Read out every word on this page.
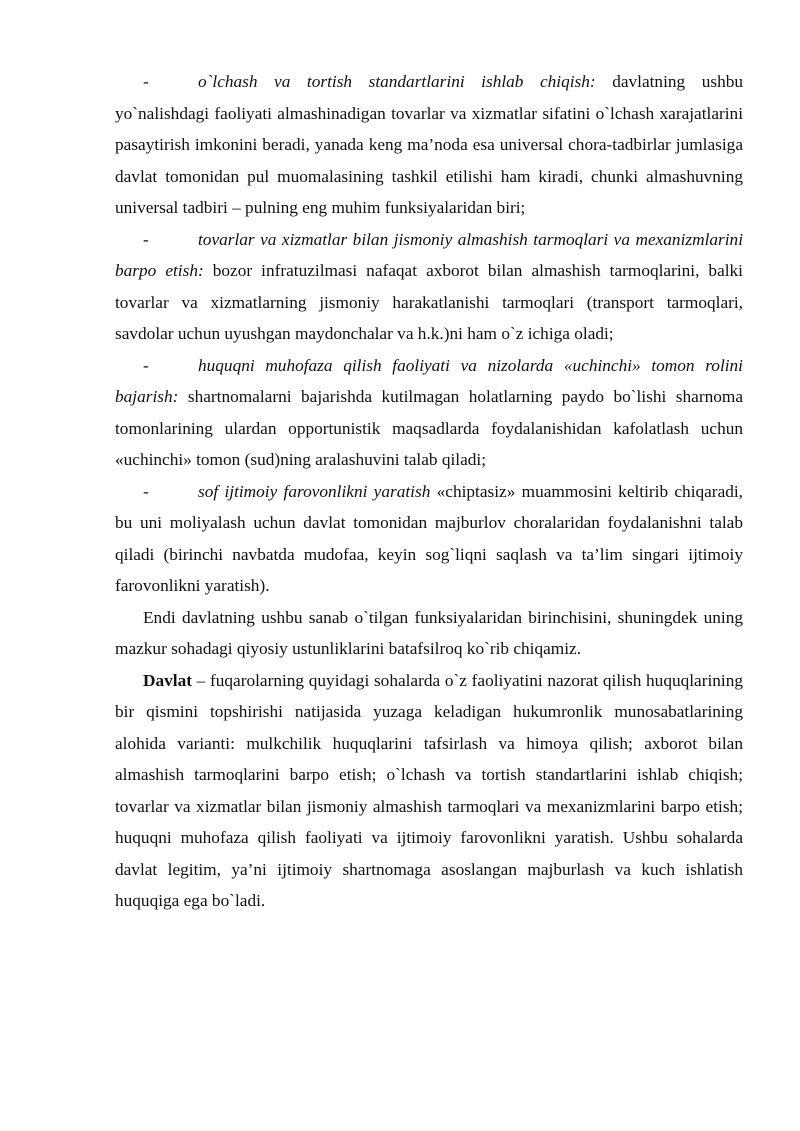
-	o`lchash va tortish standartlarini ishlab chiqish: davlatning ushbu yo`nalishdagi faoliyati almashinadigan tovarlar va xizmatlar sifatini o`lchash xarajatlarini pasaytirish imkonini beradi, yanada keng ma’noda esa universal chora-tadbirlar jumlasiga davlat tomonidan pul muomalasining tashkil etilishi ham kiradi, chunki almashuvning universal tadbiri – pulning eng muhim funksiyalaridan biri;

-	tovarlar va xizmatlar bilan jismoniy almashish tarmoqlari va mexanizmlarini barpo etish: bozor infratuzilmasi nafaqat axborot bilan almashish tarmoqlarini, balki tovarlar va xizmatlarning jismoniy harakatlanishi tarmoqlari (transport tarmoqlari, savdolar uchun uyushgan maydonchalar va h.k.)ni ham o`z ichiga oladi;

-	huquqni muhofaza qilish faoliyati va nizolarda «uchinchi» tomon rolini bajarish: shartnomalarni bajarishda kutilmagan holatlarning paydo bo`lishi sharnoma tomonlarining ulardan opportunistik maqsadlarda foydalanishidan kafolatlash uchun «uchinchi» tomon (sud)ning aralashuvini talab qiladi;

-	sof ijtimoiy farovonlikni yaratish «chiptasiz» muammosini keltirib chiqaradi, bu uni moliyalash uchun davlat tomonidan majburlov choralaridan foydalanishni talab qiladi (birinchi navbatda mudofaa, keyin sog`liqni saqlash va ta’lim singari ijtimoiy farovonlikni yaratish).

Endi davlatning ushbu sanab o`tilgan funksiyalaridan birinchisini, shuningdek uning mazkur sohadagi qiyosiy ustunliklarini batafsilroq ko`rib chiqamiz.

Davlat – fuqarolarning quyidagi sohalarda o`z faoliyatini nazorat qilish huquqlarining bir qismini topshirishi natijasida yuzaga keladigan hukumronlik munosabatlarining alohida varianti: mulkchilik huquqlarini tafsirlash va himoya qilish; axborot bilan almashish tarmoqlarini barpo etish; o`lchash va tortish standartlarini ishlab chiqish; tovarlar va xizmatlar bilan jismoniy almashish tarmoqlari va mexanizmlarini barpo etish; huquqni muhofaza qilish faoliyati va ijtimoiy farovonlikni yaratish. Ushbu sohalarda davlat legitim, ya’ni ijtimoiy shartnomaga asoslangan majburlash va kuch ishlatish huquqiga ega bo`ladi.
